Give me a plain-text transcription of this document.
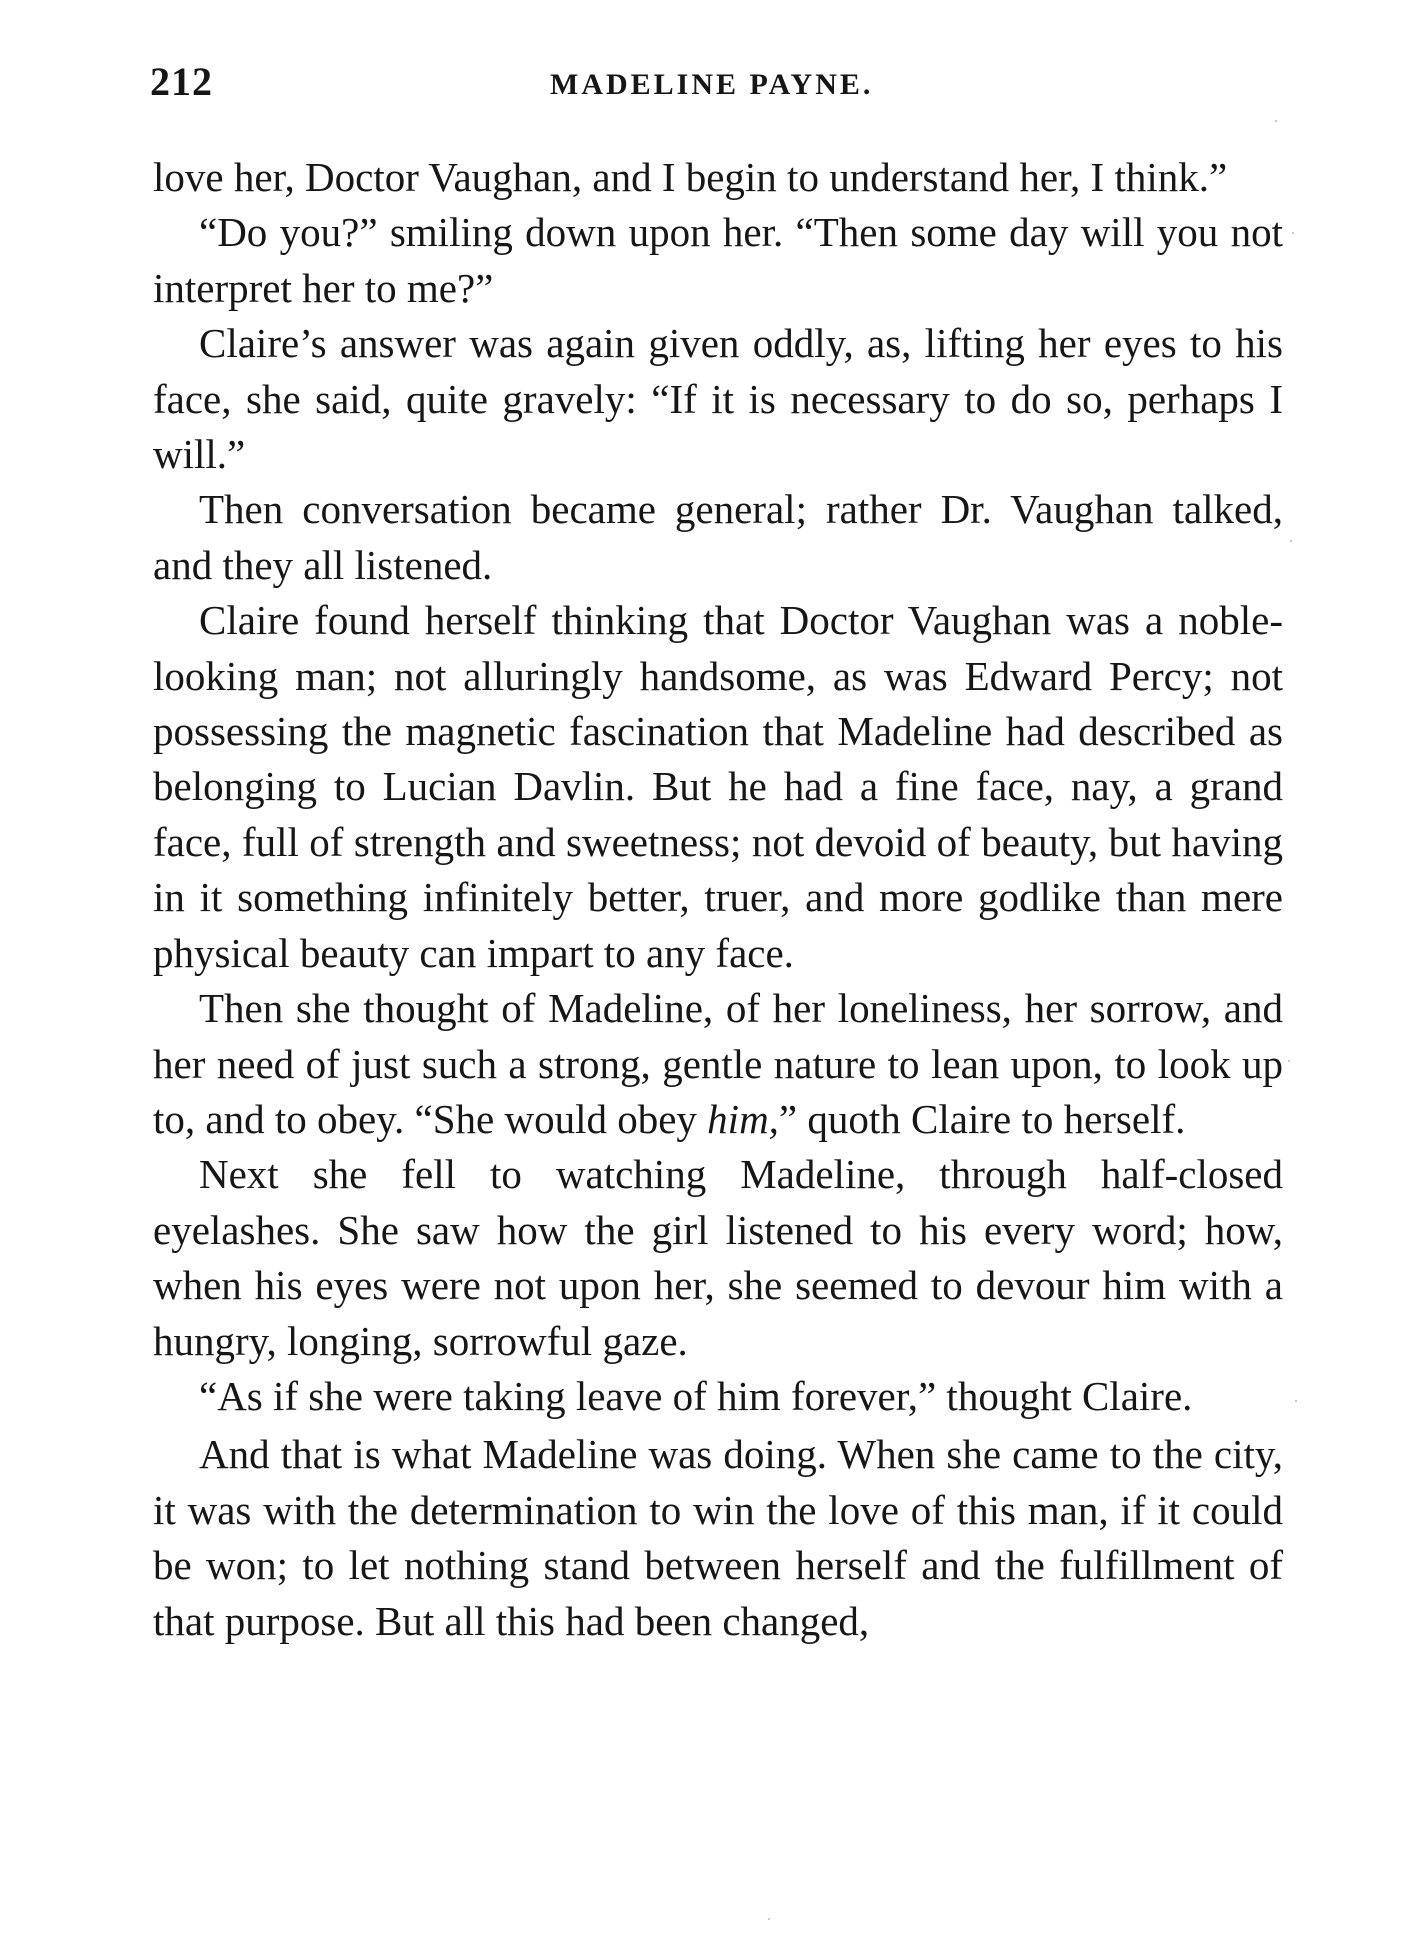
212	MADELINE PAYNE.

love her, Doctor Vaughan, and I begin to understand her, I think.”

“Do you?” smiling down upon her. “Then some day will you not interpret her to me?”

Claire’s answer was again given oddly, as, lifting her eyes to his face, she said, quite gravely: “If it is necessary to do so, perhaps I will.”

Then conversation became general; rather Dr. Vaughan talked, and they all listened.

Claire found herself thinking that Doctor Vaughan was a noble-looking man; not alluringly handsome, as was Edward Percy; not possessing the magnetic fascination that Madeline had described as belonging to Lucian Davlin. But he had a fine face, nay, a grand face, full of strength and sweetness; not devoid of beauty, but having in it something infinitely better, truer, and more godlike than mere physical beauty can impart to any face.

Then she thought of Madeline, of her loneliness, her sorrow, and her need of just such a strong, gentle nature to lean upon, to look up to, and to obey. “She would obey him,” quoth Claire to herself.

Next she fell to watching Madeline, through half-closed eyelashes. She saw how the girl listened to his every word; how, when his eyes were not upon her, she seemed to devour him with a hungry, longing, sorrowful gaze.

“As if she were taking leave of him forever,” thought Claire.

And that is what Madeline was doing. When she came to the city, it was with the determination to win the love of this man, if it could be won; to let nothing stand between herself and the fulfillment of that purpose. But all this had been changed,
